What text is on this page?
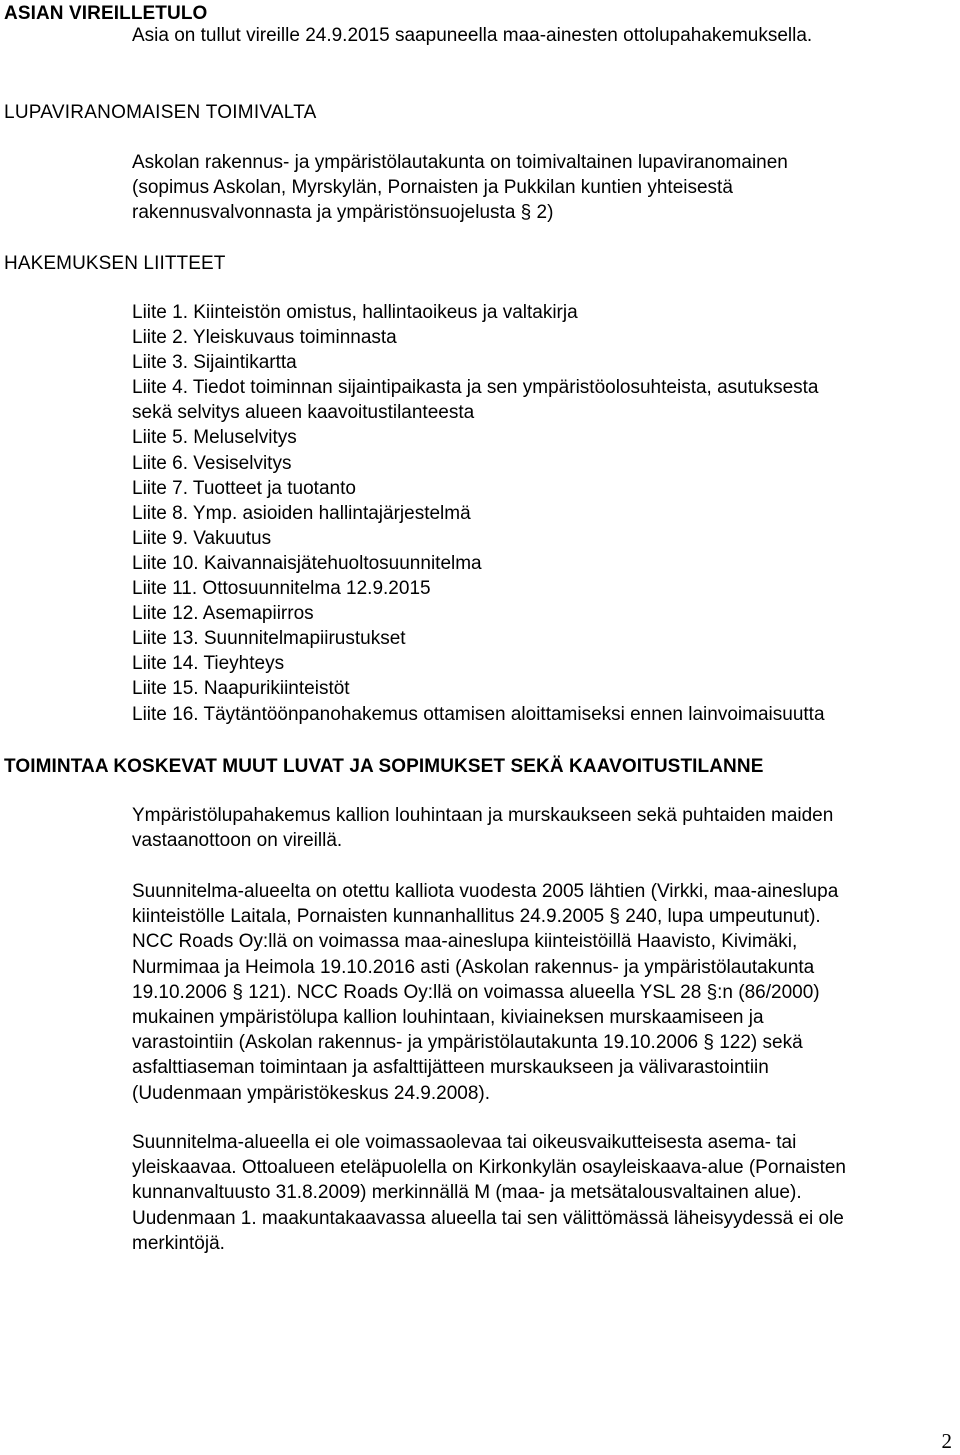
ASIAN VIREILLETULO

Asia on tullut vireille 24.9.2015 saapuneella maa-ainesten ottolupahakemuksella.

LUPAVIRANOMAISEN TOIMIVALTA

Askolan rakennus- ja ympäristölautakunta on toimivaltainen lupaviranomainen

(sopimus Askolan, Myrskylän, Pornaisten ja Pukkilan kuntien yhteisestä

rakennusvalvonnasta ja ympäristönsuojelusta § 2)

HAKEMUKSEN LIITTEET
Liite 1. Kiinteistön omistus, hallintaoikeus ja valtakirja
Liite 2. Yleiskuvaus toiminnasta
Liite 3. Sijaintikartta
Liite 4. Tiedot toiminnan sijaintipaikasta ja sen ympäristöolosuhteista, asutuksesta
sekä selvitys alueen kaavoitustilanteesta
Liite 5. Meluselvitys
Liite 6. Vesiselvitys
Liite 7. Tuotteet ja tuotanto
Liite 8. Ymp. asioiden hallintajärjestelmä
Liite 9. Vakuutus
Liite 10. Kaivannaisjätehuoltosuunnitelma
Liite 11. Ottosuunnitelma 12.9.2015
Liite 12. Asemapiirros
Liite 13. Suunnitelmapiirustukset
Liite 14. Tieyhteys
Liite 15. Naapurikiinteistöt
Liite 16. Täytäntöönpanohakemus ottamisen aloittamiseksi ennen lainvoimaisuutta
TOIMINTAA KOSKEVAT MUUT LUVAT JA SOPIMUKSET SEKÄ KAAVOITUSTILANNE

Ympäristölupahakemus kallion louhintaan ja murskaukseen sekä puhtaiden maiden

vastaanottoon on vireillä.

Suunnitelma-alueelta on otettu kalliota vuodesta 2005 lähtien (Virkki, maa-aineslupa

kiinteistölle Laitala, Pornaisten kunnanhallitus 24.9.2005 § 240, lupa umpeutunut).

NCC Roads Oy:llä on voimassa maa-aineslupa kiinteistöillä Haavisto, Kivimäki,

Nurmimaa ja Heimola 19.10.2016 asti (Askolan rakennus- ja ympäristölautakunta

19.10.2006 § 121). NCC Roads Oy:llä on voimassa alueella YSL 28 §:n (86/2000)

mukainen ympäristölupa kallion louhintaan, kiviaineksen murskaamiseen ja

varastointiin (Askolan rakennus- ja ympäristölautakunta 19.10.2006 § 122) sekä

asfalttiaseman toimintaan ja asfalttijätteen murskaukseen ja välivarastointiin

(Uudenmaan ympäristökeskus 24.9.2008).

Suunnitelma-alueella ei ole voimassaolevaa tai oikeusvaikutteisesta asema- tai

yleiskaavaa. Ottoalueen eteläpuolella on Kirkonkylän osayleiskaava-alue (Pornaisten

kunnanvaltuusto 31.8.2009) merkinnällä M (maa- ja metsätalousvaltainen alue).

Uudenmaan 1. maakuntakaavassa alueella tai sen välittömässä läheisyydessä ei ole

merkintöjä.

2
